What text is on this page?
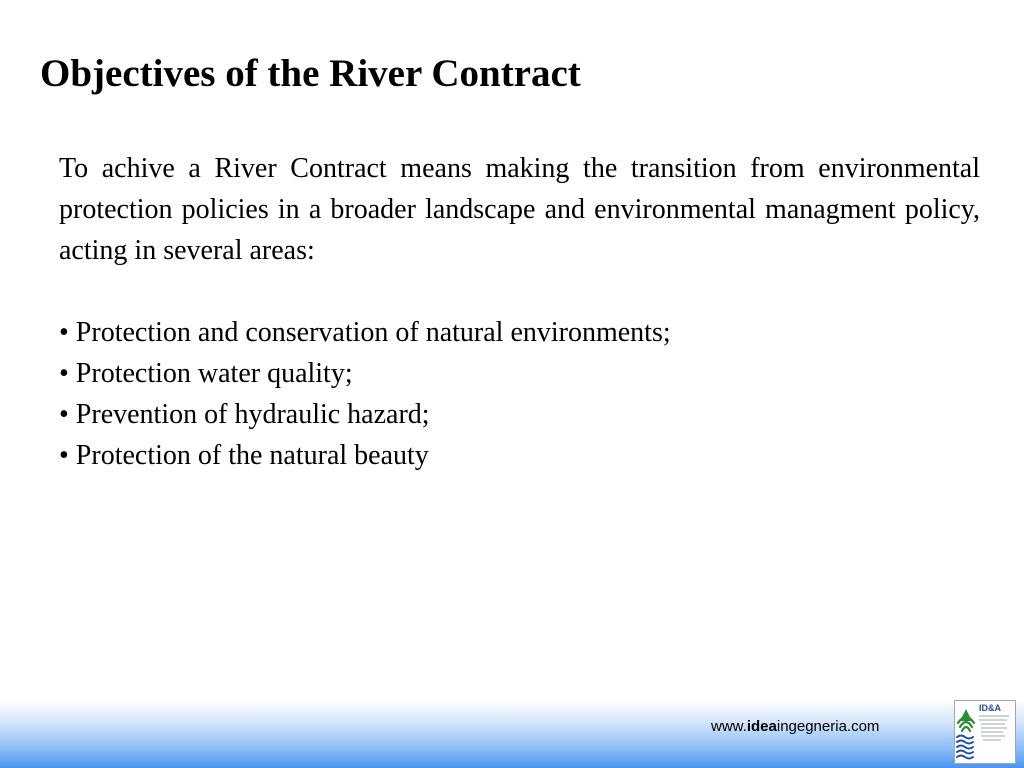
Objectives of the River Contract

To achive a River Contract means making the transition from environmental protection policies in a broader landscape and environmental managment policy, acting in several areas:

• Protection and conservation of natural environments;
• Protection water quality;
• Prevention of hydraulic hazard;
• Protection of the natural beauty
www.ideaingegneria.com
ID&A
